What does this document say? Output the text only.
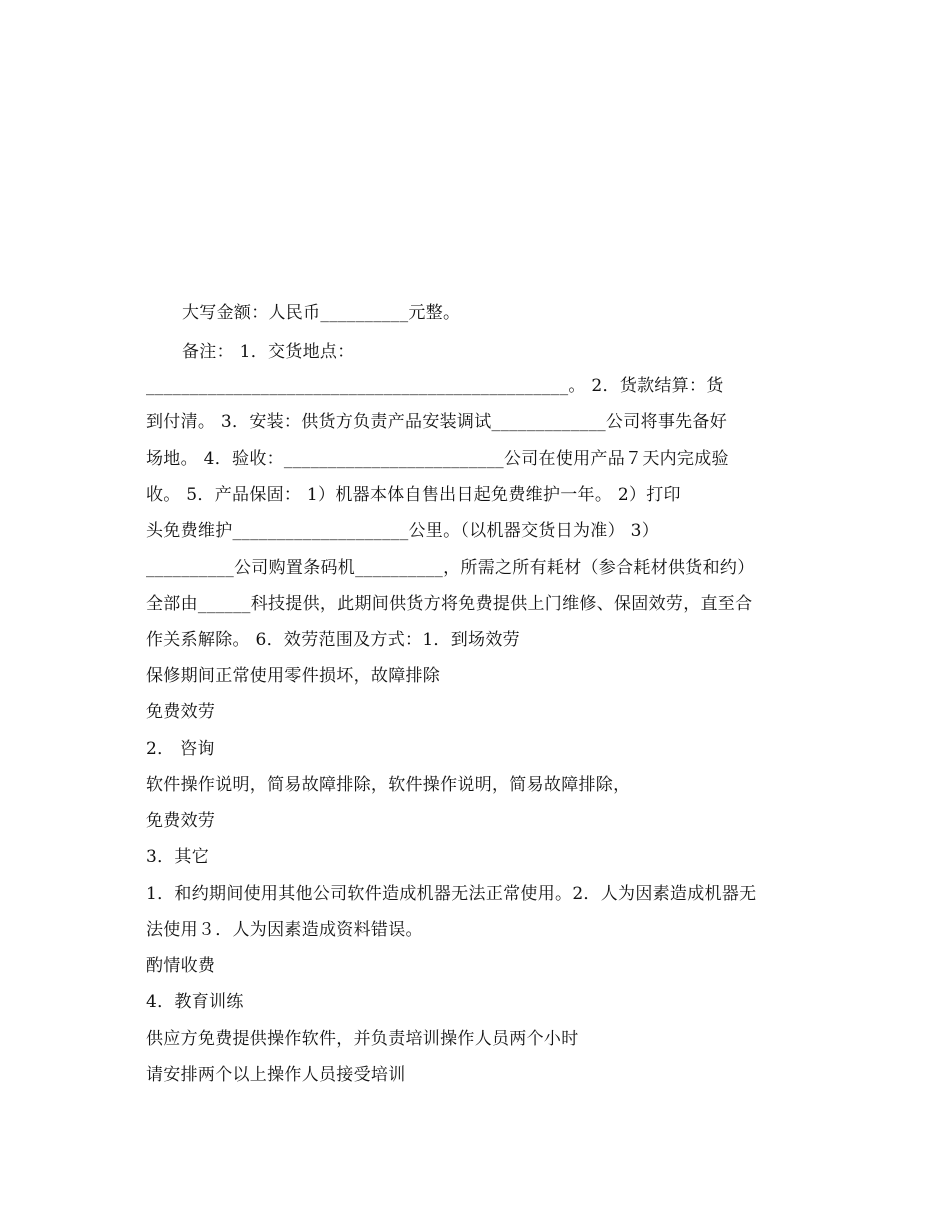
大写金额：人民币__________元整。
备注： 1．交货地点：
________________________________________________。 2．货款结算：货
到付清。 3．安装：供货方负责产品安装调试_____________公司将事先备好
场地。 4．验收：_________________________公司在使用产品７天内完成验
收。 5．产品保固： 1）机器本体自售出日起免费维护一年。 2）打印
头免费维护____________________公里。（以机器交货日为准） 3）
__________公司购置条码机__________，所需之所有耗材（参合耗材供货和约）
全部由______科技提供，此期间供货方将免费提供上门维修、保固效劳，直至合
作关系解除。 6．效劳范围及方式：1．到场效劳
保修期间正常使用零件损坏，故障排除
免费效劳
2． 咨询
软件操作说明，简易故障排除，软件操作说明，简易故障排除，
免费效劳
3．其它
1．和约期间使用其他公司软件造成机器无法正常使用。2．人为因素造成机器无
法使用３．人为因素造成资料错误。
酌情收费
4．教育训练
供应方免费提供操作软件，并负责培训操作人员两个小时
请安排两个以上操作人员接受培训
